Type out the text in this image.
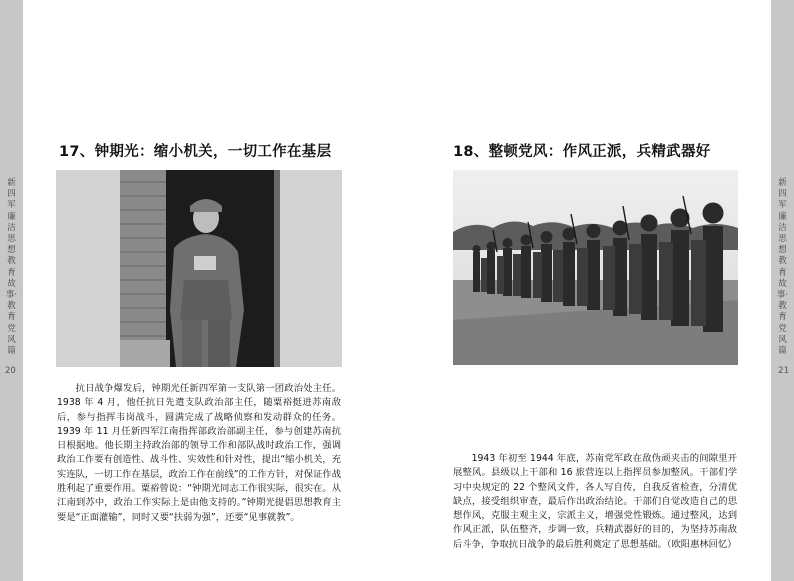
新四军廉洁思想教育故事·教育党风篇
20
新四军廉洁思想教育故事·教育党风篇
21
17、钟期光：缩小机关，一切工作在基层
抗日战争爆发后，钟期光任新四军第一支队第一团政治处主任。1938 年 4 月，他任抗日先遣支队政治部主任，随粟裕挺进苏南敌后，参与指挥韦岗战斗，圆满完成了战略侦察和发动群众的任务。1939 年 11 月任新四军江南指挥部政治部副主任，参与创建苏南抗日根据地。他长期主持政治部的领导工作和部队战时政治工作，强调政治工作要有创造性、战斗性、实效性和针对性，提出“缩小机关，充实连队，一切工作在基层，政治工作在前线”的工作方针，对保证作战胜利起了重要作用。粟裕曾说：“钟期光同志工作很实际，很实在。从江南到苏中，政治工作实际上是由他支持的。”钟期光提倡思想教育主要是“正面灌输”，同时又要“扶弱为强”，还要“见事就教”。
18、整顿党风：作风正派，兵精武器好
1943 年初至 1944 年底，苏南党军政在敌伪顽夹击的间隙里开展整风。县级以上干部和 16 旅营连以上指挥员参加整风。干部们学习中央规定的 22 个整风文件，各人写自传，自我反省检查，分清优缺点，接受组织审查，最后作出政治结论。干部们自觉改造自己的思想作风，克服主观主义，宗派主义，增强党性锻炼。通过整风，达到作风正派，队伍整齐，步调一致，兵精武器好的目的，为坚持苏南敌后斗争，争取抗日战争的最后胜利奠定了思想基础。（欧阳惠林回忆）
